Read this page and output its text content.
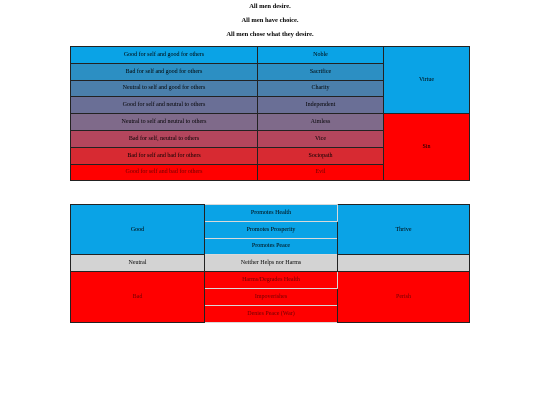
All men desire.
All men have choice.
All men chose what they desire.
Good for self and good for others	Noble	Virtue
Bad for self and good for others	Sacrifice	
Neutral to self and good for others	Charity	
Good for self and neutral to others	Independent	
Neutral to self and neutral to others	Aimless	Sin
Bad for self, neutral to others	Vice	
Bad for self and bad for others	Sociopath	
Good for self and bad for others	Evil	
Good	Promotes Health	Thrive
	Promotes Prosperity	
	Promotes Peace	
Neutral	Neither Helps nor Harms	
Bad	Harms/Degrades Health	Perish
	Impoverishes	
	Denies Peace (War)	
